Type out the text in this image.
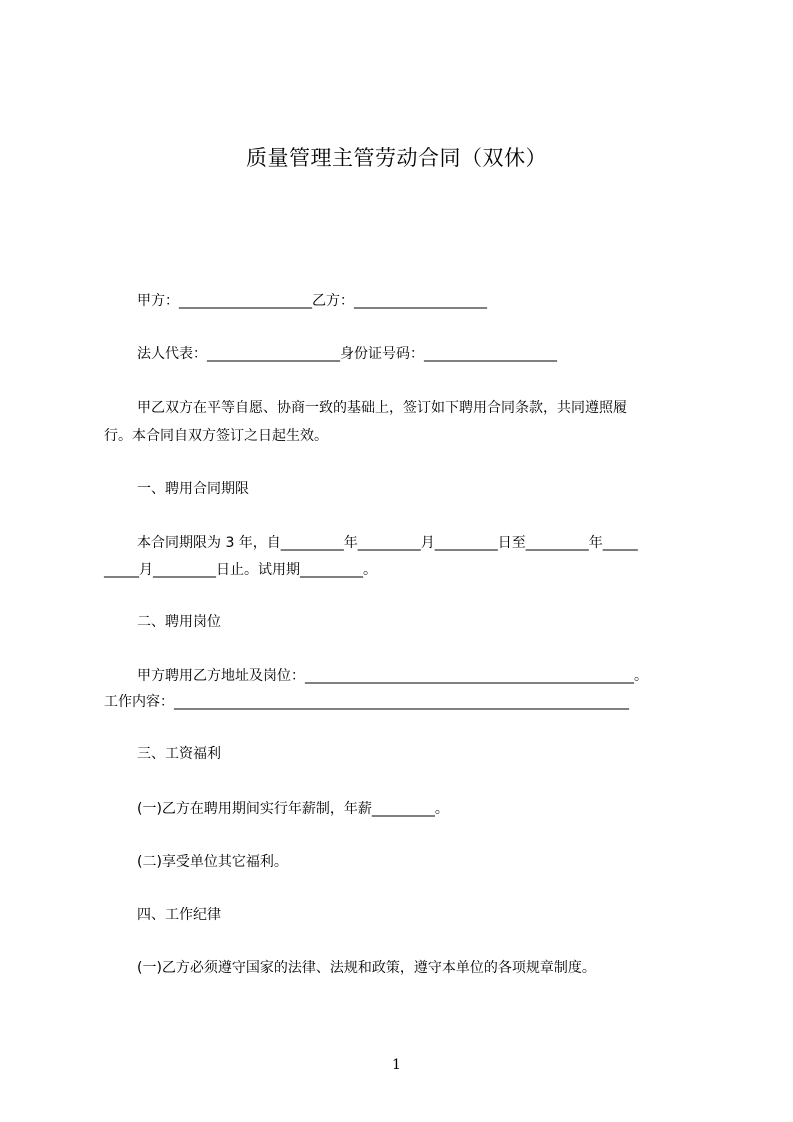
质量管理主管劳动合同（双休）
甲方：___________________乙方：___________________
法人代表：___________________身份证号码：___________________
甲乙双方在平等自愿、协商一致的基础上，签订如下聘用合同条款，共同遵照履
行。本合同自双方签订之日起生效。
一、聘用合同期限
本合同期限为 3 年，自_________年_________月_________日至_________年_____
_____月_________日止。试用期_________。
二、聘用岗位
甲方聘用乙方地址及岗位：_______________________________________________。
工作内容：_________________________________________________________________
三、工资福利
(一)乙方在聘用期间实行年薪制，年薪_________。
(二)享受单位其它福利。
四、工作纪律
(一)乙方必须遵守国家的法律、法规和政策，遵守本单位的各项规章制度。
1
